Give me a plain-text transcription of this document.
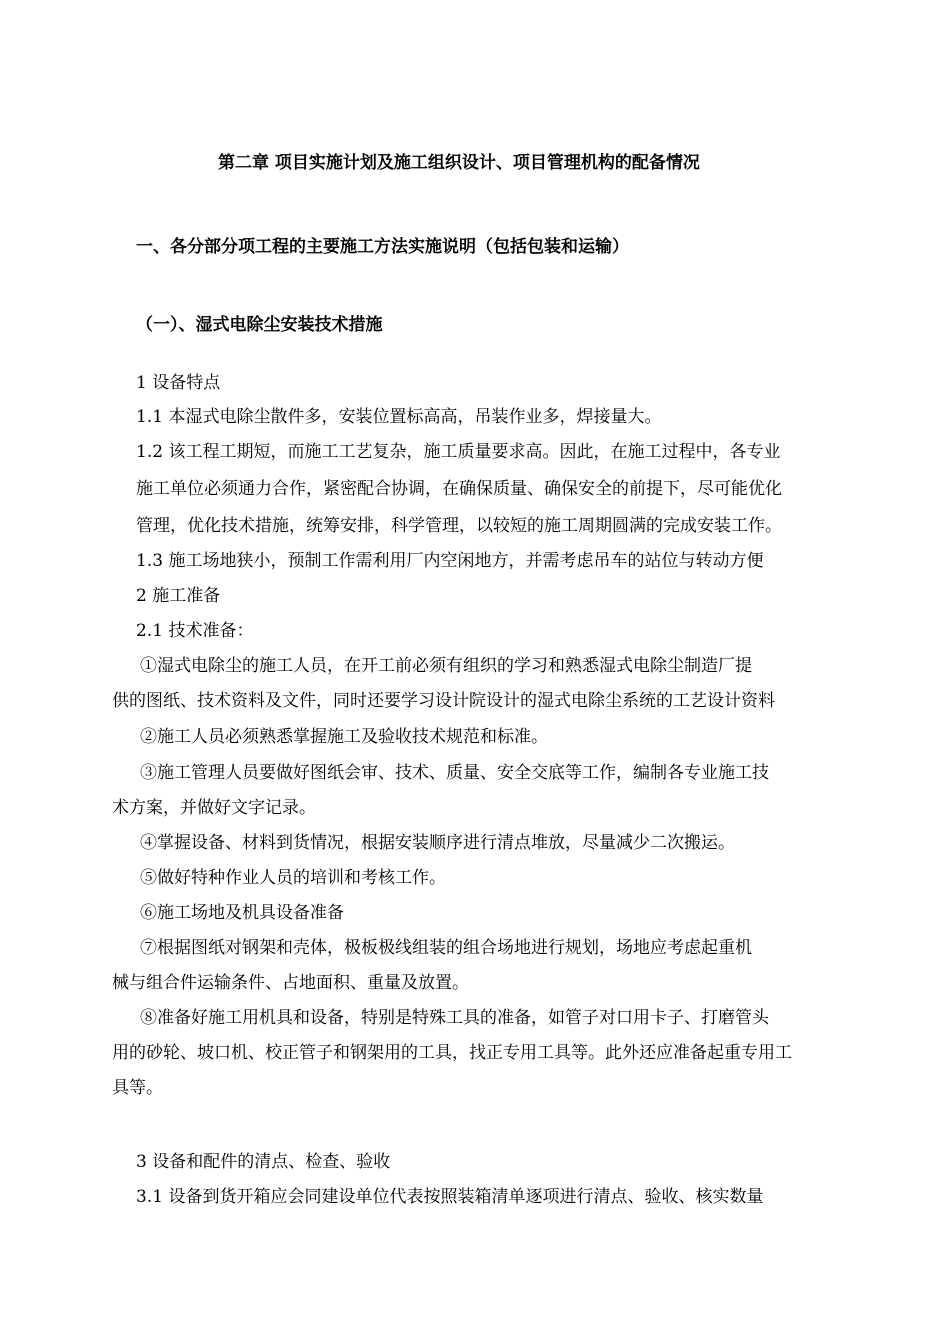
第二章 项目实施计划及施工组织设计、项目管理机构的配备情况
一、各分部分项工程的主要施工方法实施说明（包括包装和运输）
（一）、湿式电除尘安装技术措施
1 设备特点
1.1 本湿式电除尘散件多，安装位置标高高，吊装作业多，焊接量大。
1.2 该工程工期短，而施工工艺复杂，施工质量要求高。因此，在施工过程中，各专业
施工单位必须通力合作，紧密配合协调，在确保质量、确保安全的前提下，尽可能优化
管理，优化技术措施，统筹安排，科学管理，以较短的施工周期圆满的完成安装工作。
1.3 施工场地狭小，预制工作需利用厂内空闲地方，并需考虑吊车的站位与转动方便
2 施工准备
2.1 技术准备：
①湿式电除尘的施工人员，在开工前必须有组织的学习和熟悉湿式电除尘制造厂提
供的图纸、技术资料及文件，同时还要学习设计院设计的湿式电除尘系统的工艺设计资料
②施工人员必须熟悉掌握施工及验收技术规范和标准。
③施工管理人员要做好图纸会审、技术、质量、安全交底等工作，编制各专业施工技
术方案，并做好文字记录。
④掌握设备、材料到货情况，根据安装顺序进行清点堆放，尽量减少二次搬运。
⑤做好特种作业人员的培训和考核工作。
⑥施工场地及机具设备准备
⑦根据图纸对钢架和壳体，极板极线组装的组合场地进行规划，场地应考虑起重机
械与组合件运输条件、占地面积、重量及放置。
⑧准备好施工用机具和设备，特别是特殊工具的准备，如管子对口用卡子、打磨管头
用的砂轮、坡口机、校正管子和钢架用的工具，找正专用工具等。此外还应准备起重专用工
具等。
3 设备和配件的清点、检查、验收
3.1 设备到货开箱应会同建设单位代表按照装箱清单逐项进行清点、验收、核实数量
